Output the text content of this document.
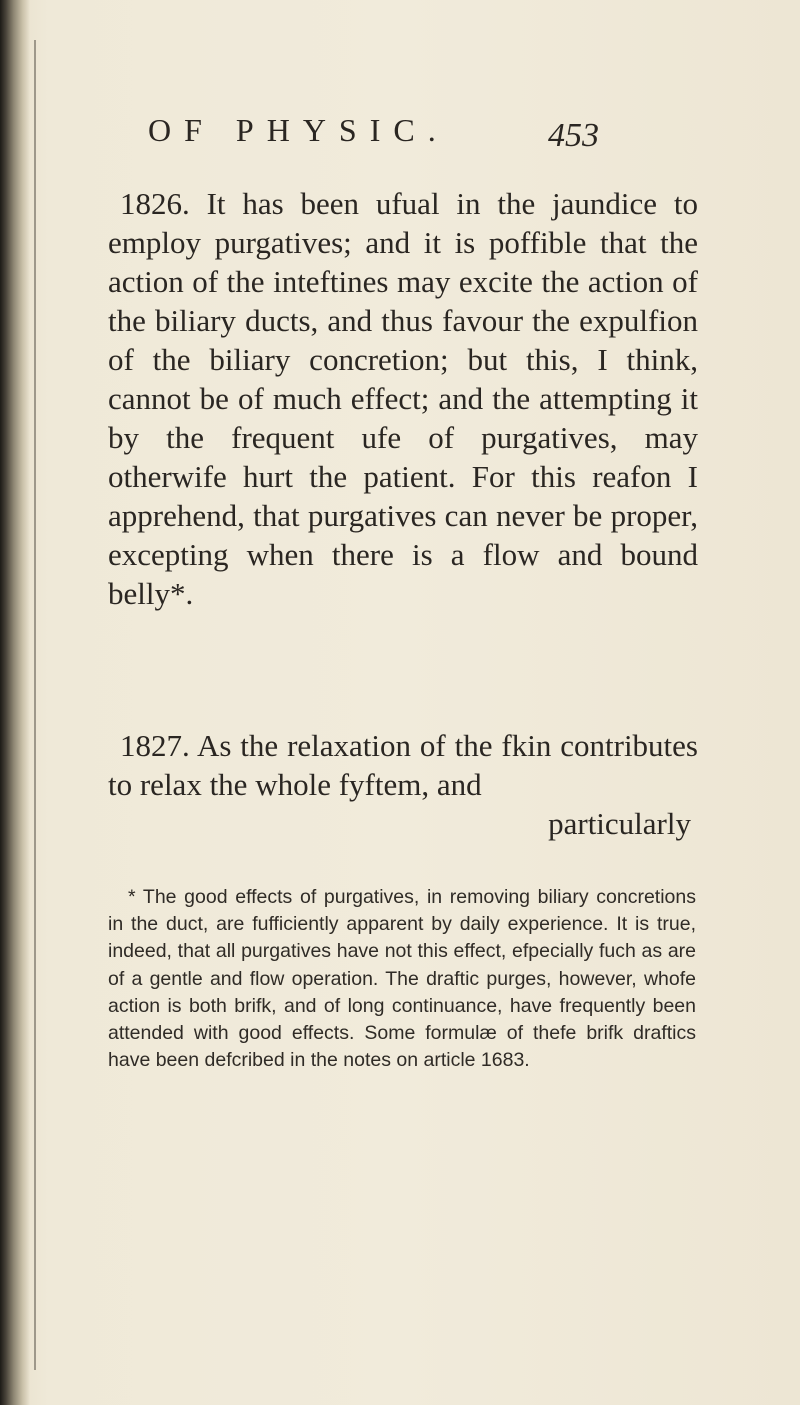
OF PHYSIC.	453

1826. It has been ufual in the jaundice to employ purgatives; and it is poffible that the action of the inteftines may excite the action of the biliary ducts, and thus favour the expulfion of the biliary concretion; but this, I think, cannot be of much effect; and the attempting it by the frequent ufe of purgatives, may otherwife hurt the patient. For this reafon I apprehend, that purgatives can never be proper, excepting when there is a flow and bound belly*.

1827. As the relaxation of the fkin contributes to relax the whole fyftem, and

particularly

* The good effects of purgatives, in removing biliary concretions in the duct, are fufficiently apparent by daily experience. It is true, indeed, that all purgatives have not this effect, efpecially fuch as are of a gentle and flow operation. The draftic purges, however, whofe action is both brifk, and of long continuance, have frequently been attended with good effects. Some formulæ of thefe brifk draftics have been defcribed in the notes on article 1683.
